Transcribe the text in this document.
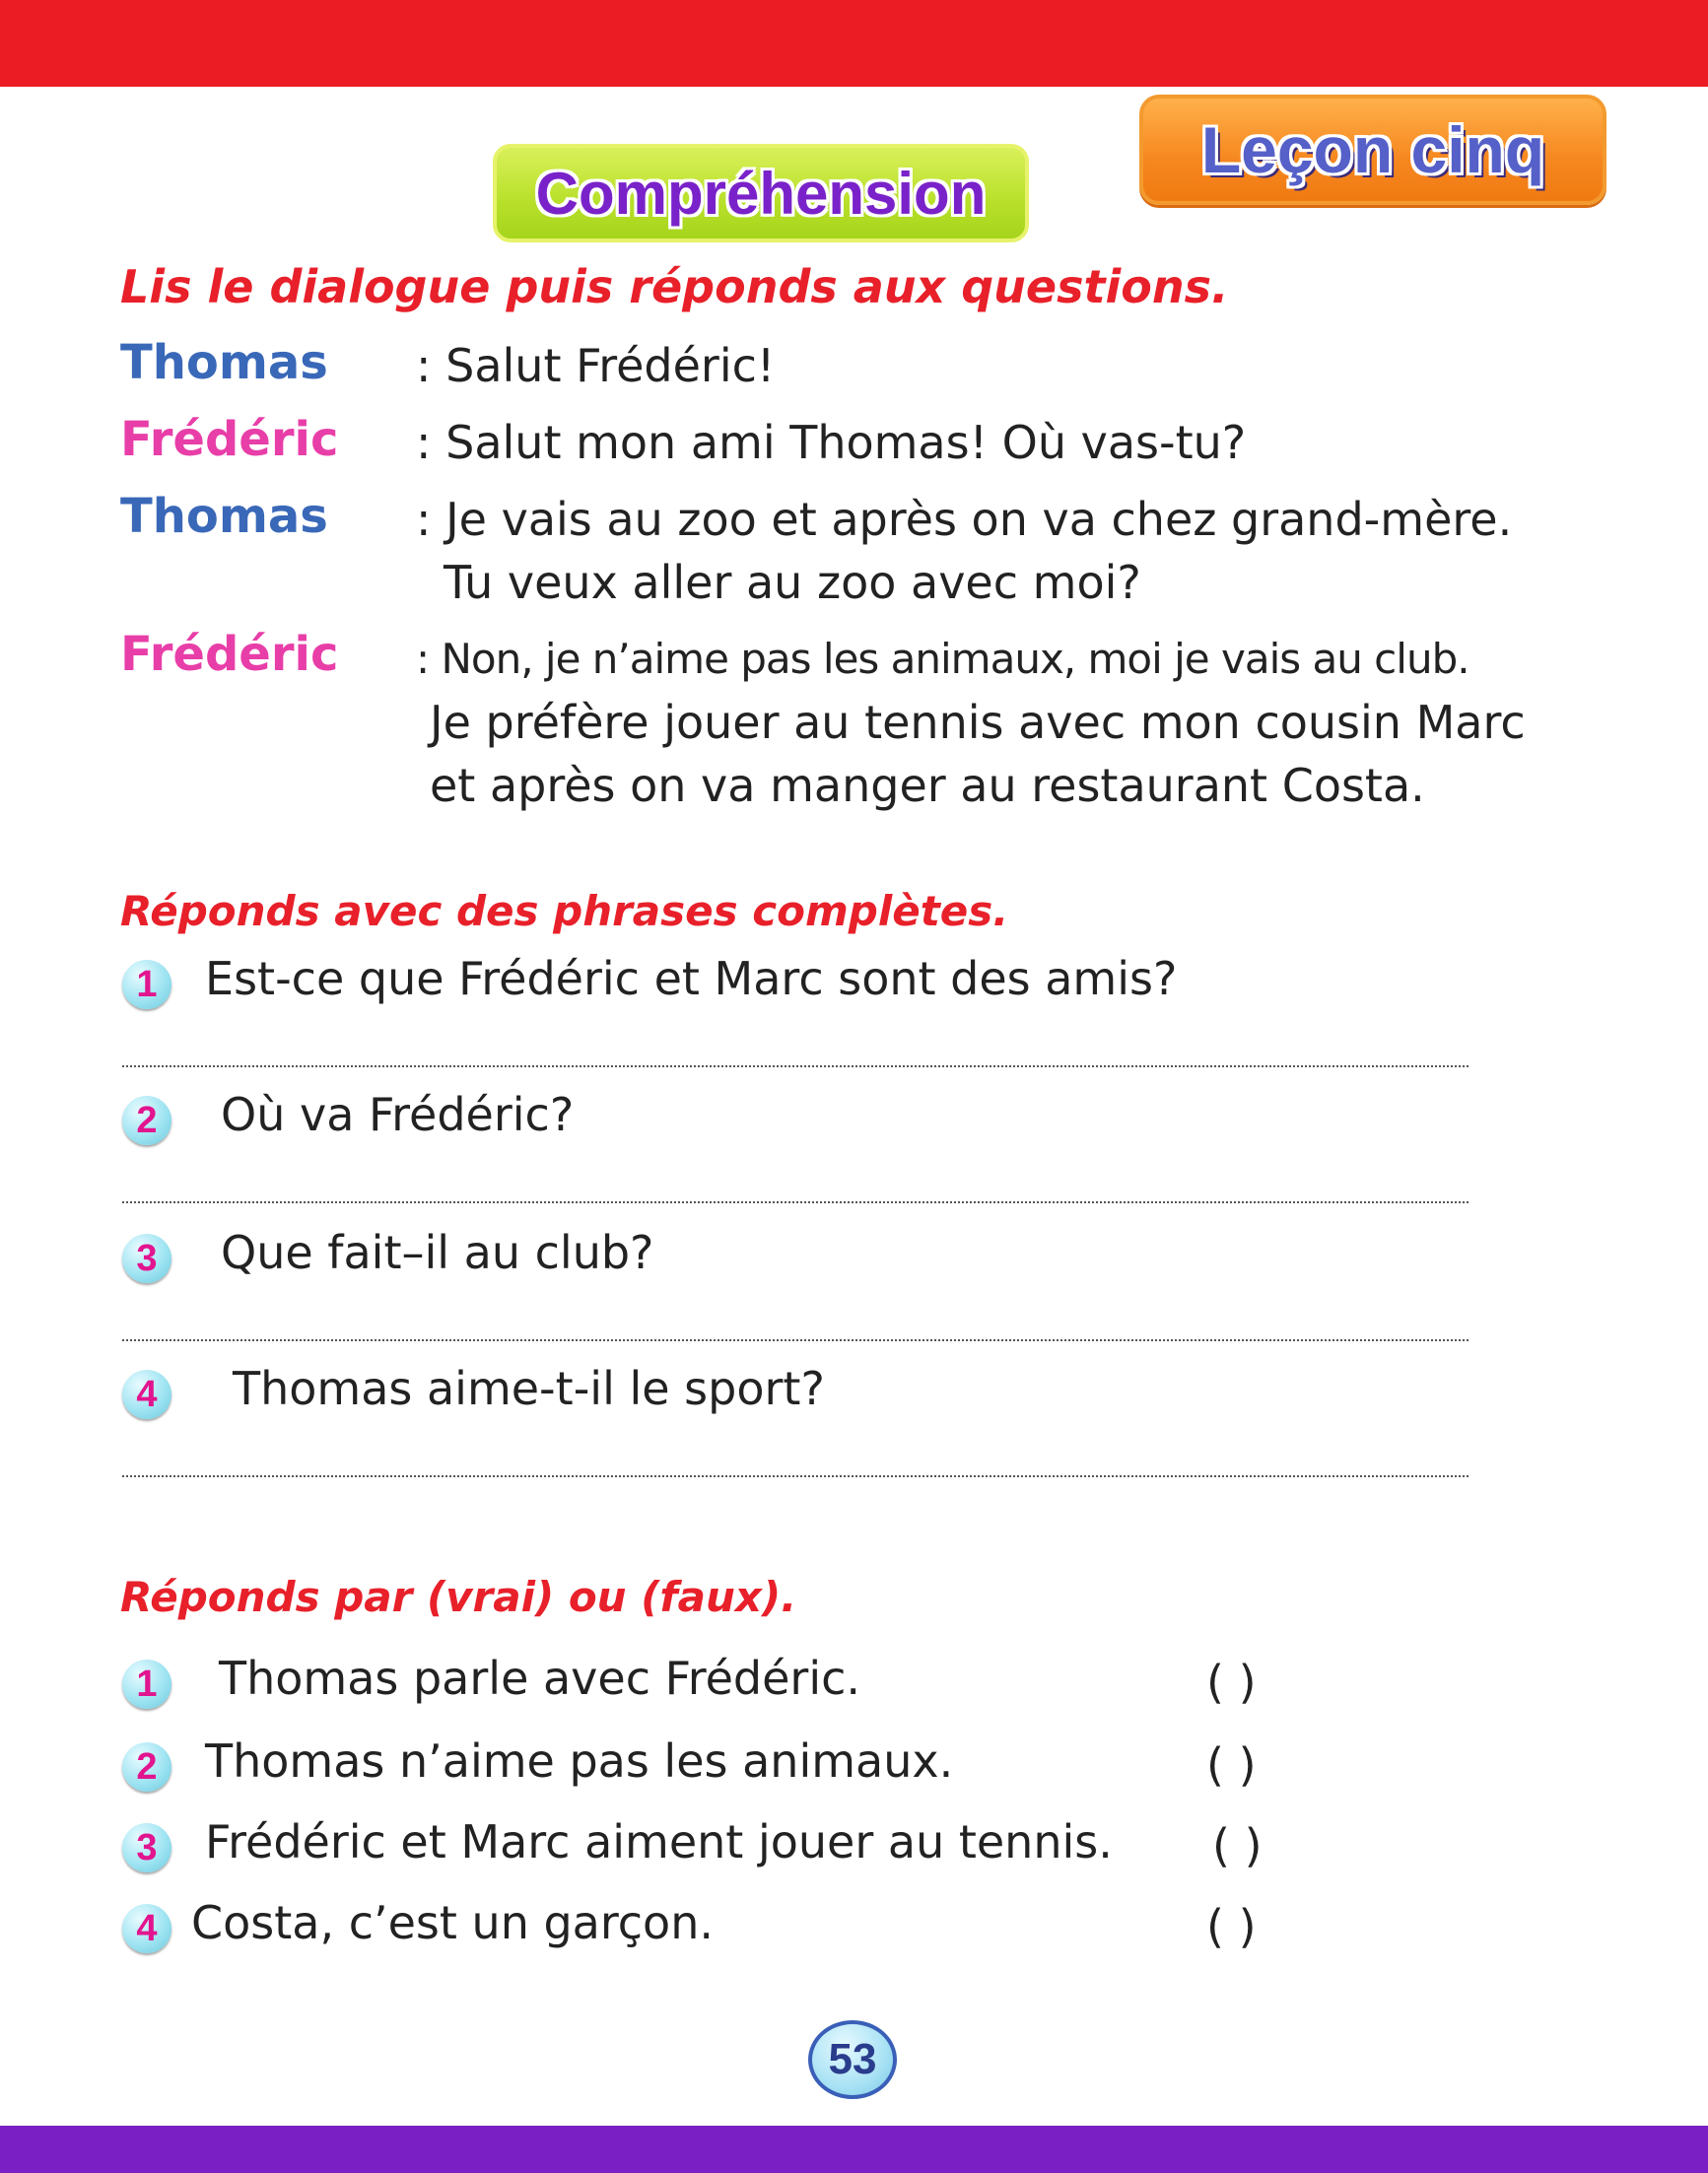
Leçon cinq
Compréhension

Lis le dialogue puis réponds aux questions.

Thomas : Salut Frédéric!

Frédéric : Salut mon ami Thomas! Où vas-tu?

Thomas : Je vais au zoo et après on va chez grand-mère.

Tu veux aller au zoo avec moi?

Frédéric : Non, je n’aime pas les animaux, moi je vais au club.

Je préfère jouer au tennis avec mon cousin Marc

et après on va manger au restaurant Costa.

Réponds avec des phrases complètes.

1	Est-ce que Frédéric et Marc sont des amis?

2	Où va Frédéric?

3	Que fait–il au club?

4	Thomas aime-t-il le sport?

Réponds par (vrai) ou (faux).

1	Thomas parle avec Frédéric.	( )
2	Thomas n’aime pas les animaux.	( )
3	Frédéric et Marc aiment jouer au tennis. ( )
4 Costa, c’est un garçon.	( )
53
